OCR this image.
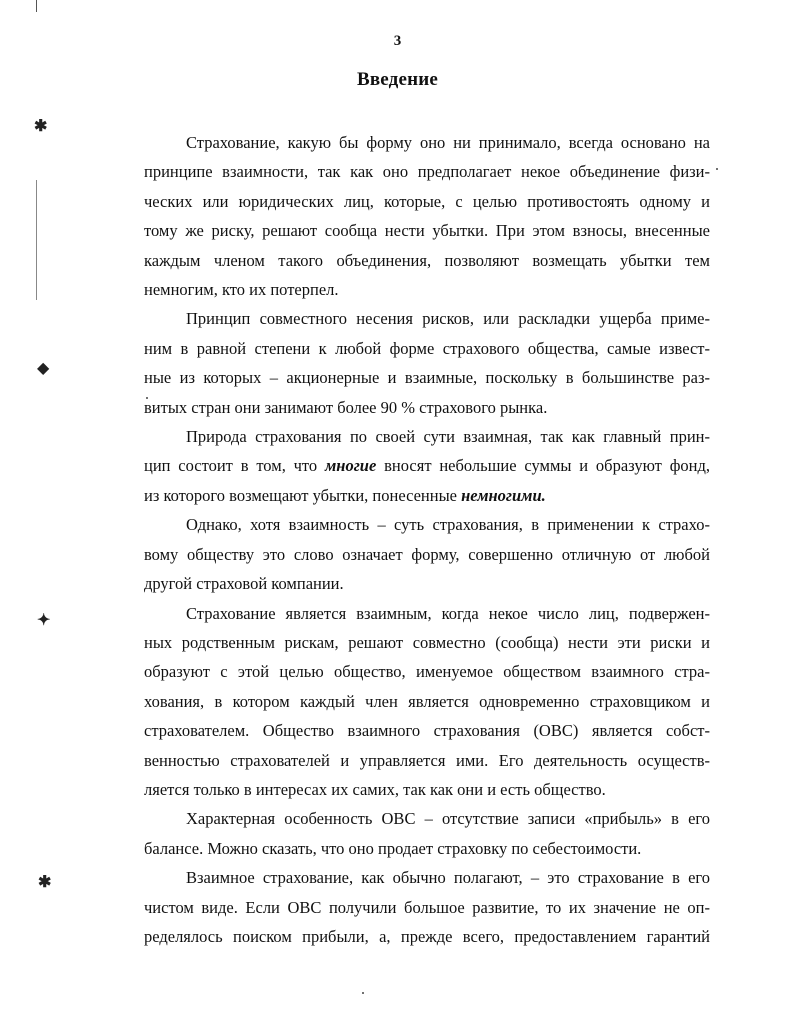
✱
◆
✦
✱
3
Введение
Страхование, какую бы форму оно ни принимало, всегда основано на
принципе взаимности, так как оно предполагает некое объединение физи-
ческих или юридических лиц, которые, с целью противостоять одному и
тому же риску, решают сообща нести убытки. При этом взносы, внесенные
каждым членом такого объединения, позволяют возмещать убытки тем
немногим, кто их потерпел.
Принцип совместного несения рисков, или раскладки ущерба приме-
ним в равной степени к любой форме страхового общества, самые извест-
ные из которых – акционерные и взаимные, поскольку в большинстве раз-
витых стран они занимают более 90 % страхового рынка.
Природа страхования по своей сути взаимная, так как главный прин-
цип состоит в том, что многие вносят небольшие суммы и образуют фонд,
из которого возмещают убытки, понесенные немногими.
Однако, хотя взаимность – суть страхования, в применении к страхо-
вому обществу это слово означает форму, совершенно отличную от любой
другой страховой компании.
Страхование является взаимным, когда некое число лиц, подвержен-
ных родственным рискам, решают совместно (сообща) нести эти риски и
образуют с этой целью общество, именуемое обществом взаимного стра-
хования, в котором каждый член является одновременно страховщиком и
страхователем. Общество взаимного страхования (ОВС) является собст-
венностью страхователей и управляется ими. Его деятельность осуществ-
ляется только в интересах их самих, так как они и есть общество.
Характерная особенность ОВС – отсутствие записи «прибыль» в его
балансе. Можно сказать, что оно продает страховку по себестоимости.
Взаимное страхование, как обычно полагают, – это страхование в его
чистом виде. Если ОВС получили большое развитие, то их значение не оп-
ределялось поиском прибыли, а, прежде всего, предоставлением гарантий
